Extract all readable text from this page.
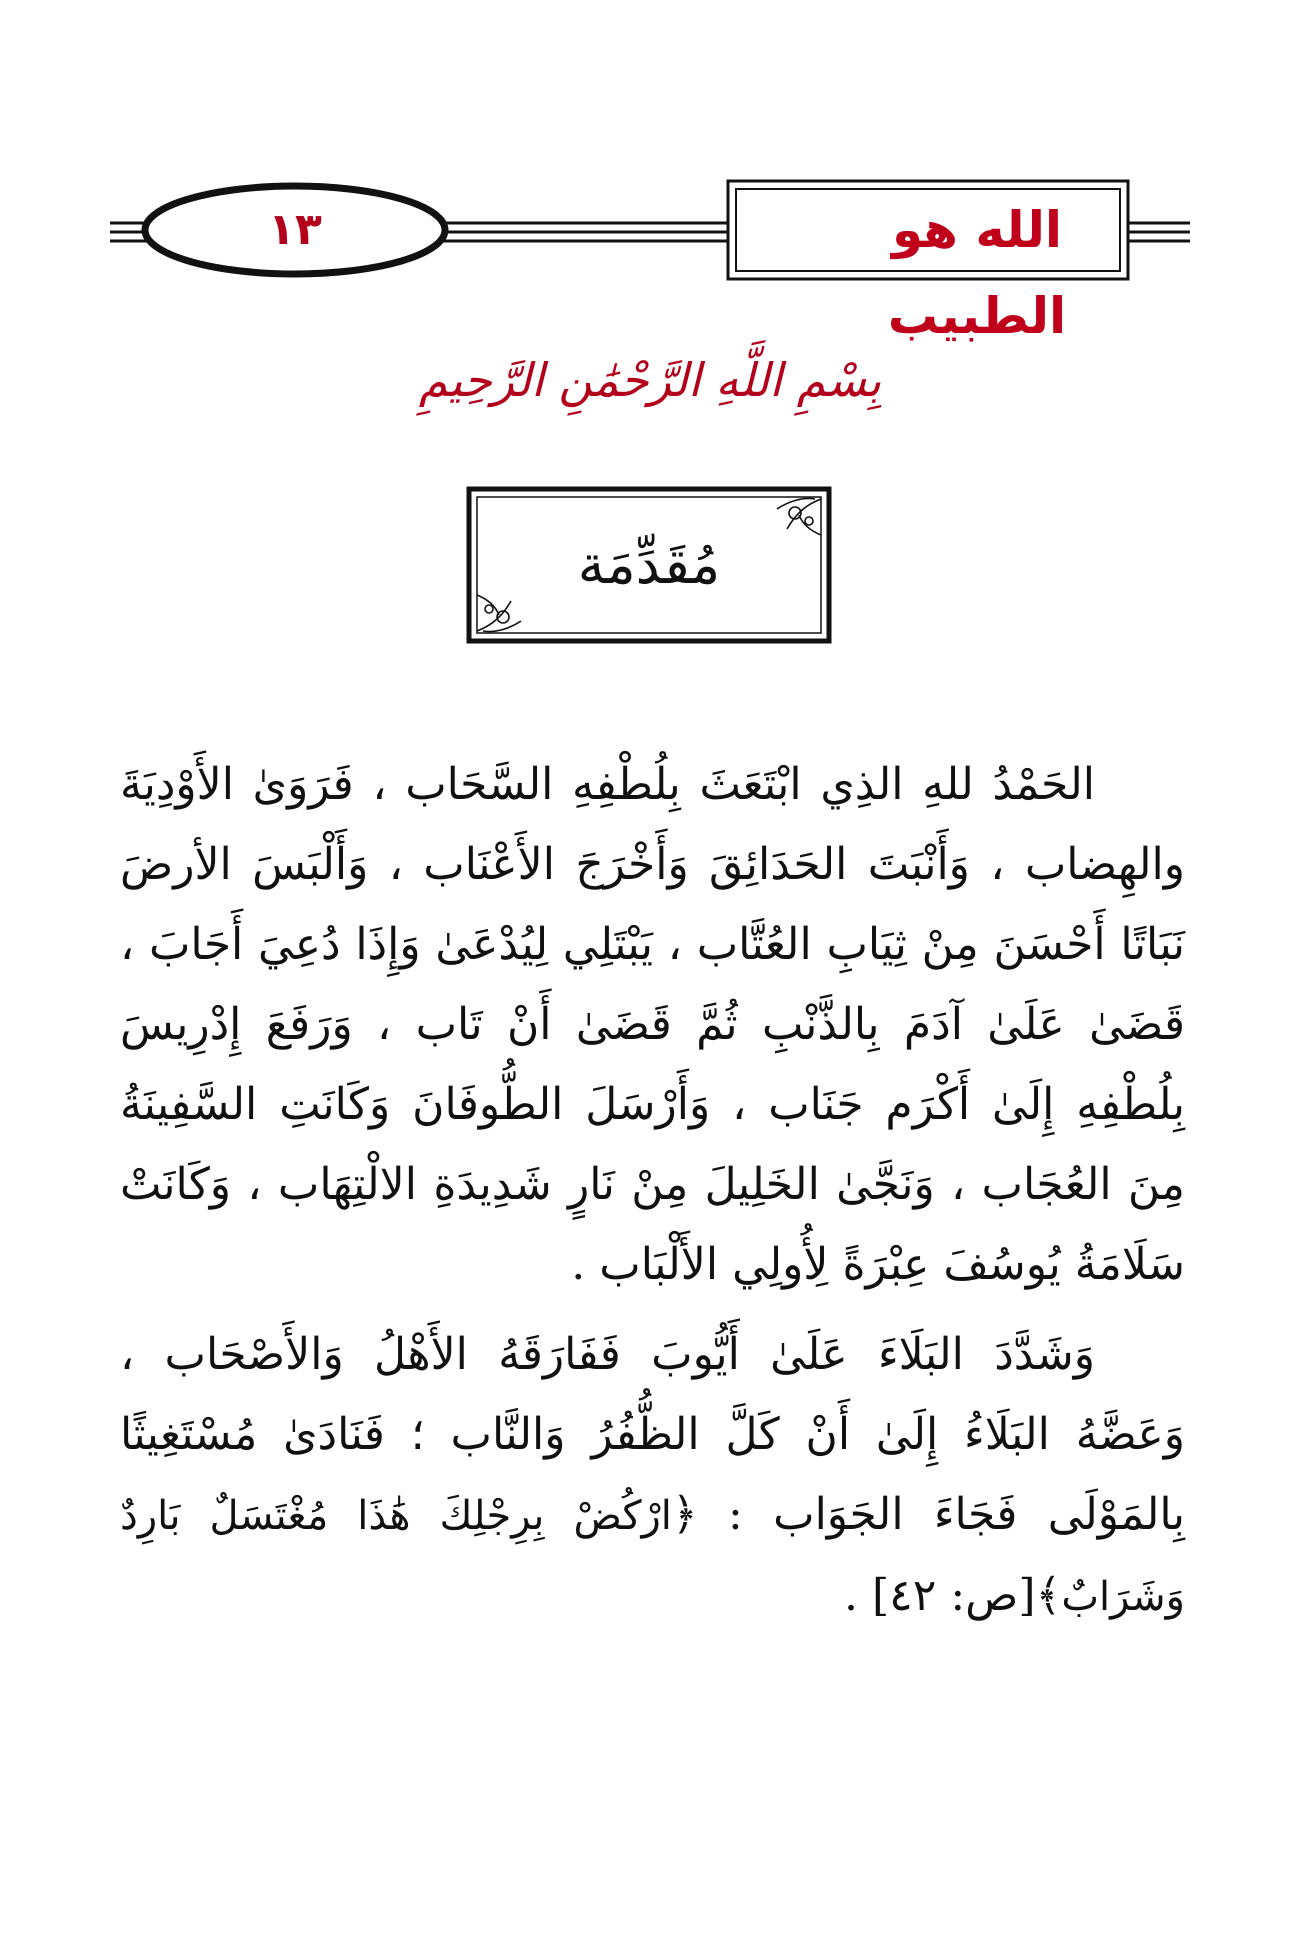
١٣	الله هو الطبيب
بِسْمِ اللَّهِ الرَّحْمَٰنِ الرَّحِيمِ
مُقَدِّمَة

الحَمْدُ للهِ الذِي ابْتَعَثَ بِلُطْفِهِ السَّحَاب ، فَرَوَىٰ الأَوْدِيَةَ والهِضاب ، وَأَنْبَتَ الحَدَائِقَ وَأَخْرَجَ الأَعْنَاب ، وَأَلْبَسَ الأرضَ نَبَاتًا أَحْسَنَ مِنْ ثِيَابِ العُتَّاب ، يَبْتَلِي لِيُدْعَىٰ وَإِذَا دُعِيَ أَجَابَ ، قَضَىٰ عَلَىٰ آدَمَ بِالذَّنْبِ ثُمَّ قَضَىٰ أَنْ تَاب ، وَرَفَعَ إِدْرِيسَ بِلُطْفِهِ إِلَىٰ أَكْرَم جَنَاب ، وَأَرْسَلَ الطُّوفَانَ وَكَانَتِ السَّفِينَةُ مِنَ العُجَاب ، وَنَجَّىٰ الخَلِيلَ مِنْ نَارٍ شَدِيدَةِ الالْتِهَاب ، وَكَانَتْ سَلَامَةُ يُوسُفَ عِبْرَةً لِأُولِي الأَلْبَاب .

وَشَدَّدَ البَلَاءَ عَلَىٰ أَيُّوبَ فَفَارَقَهُ الأَهْلُ وَالأَصْحَاب ، وَعَضَّهُ البَلَاءُ إِلَىٰ أَنْ كَلَّ الظُّفُرُ وَالنَّاب ؛ فَنَادَىٰ مُسْتَغِيثًا بِالمَوْلَى فَجَاءَ الجَوَاب : ﴿ارْكُضْ بِرِجْلِكَ هَٰذَا مُغْتَسَلٌ بَارِدٌ وَشَرَابٌ﴾[ص: ٤٢] .
